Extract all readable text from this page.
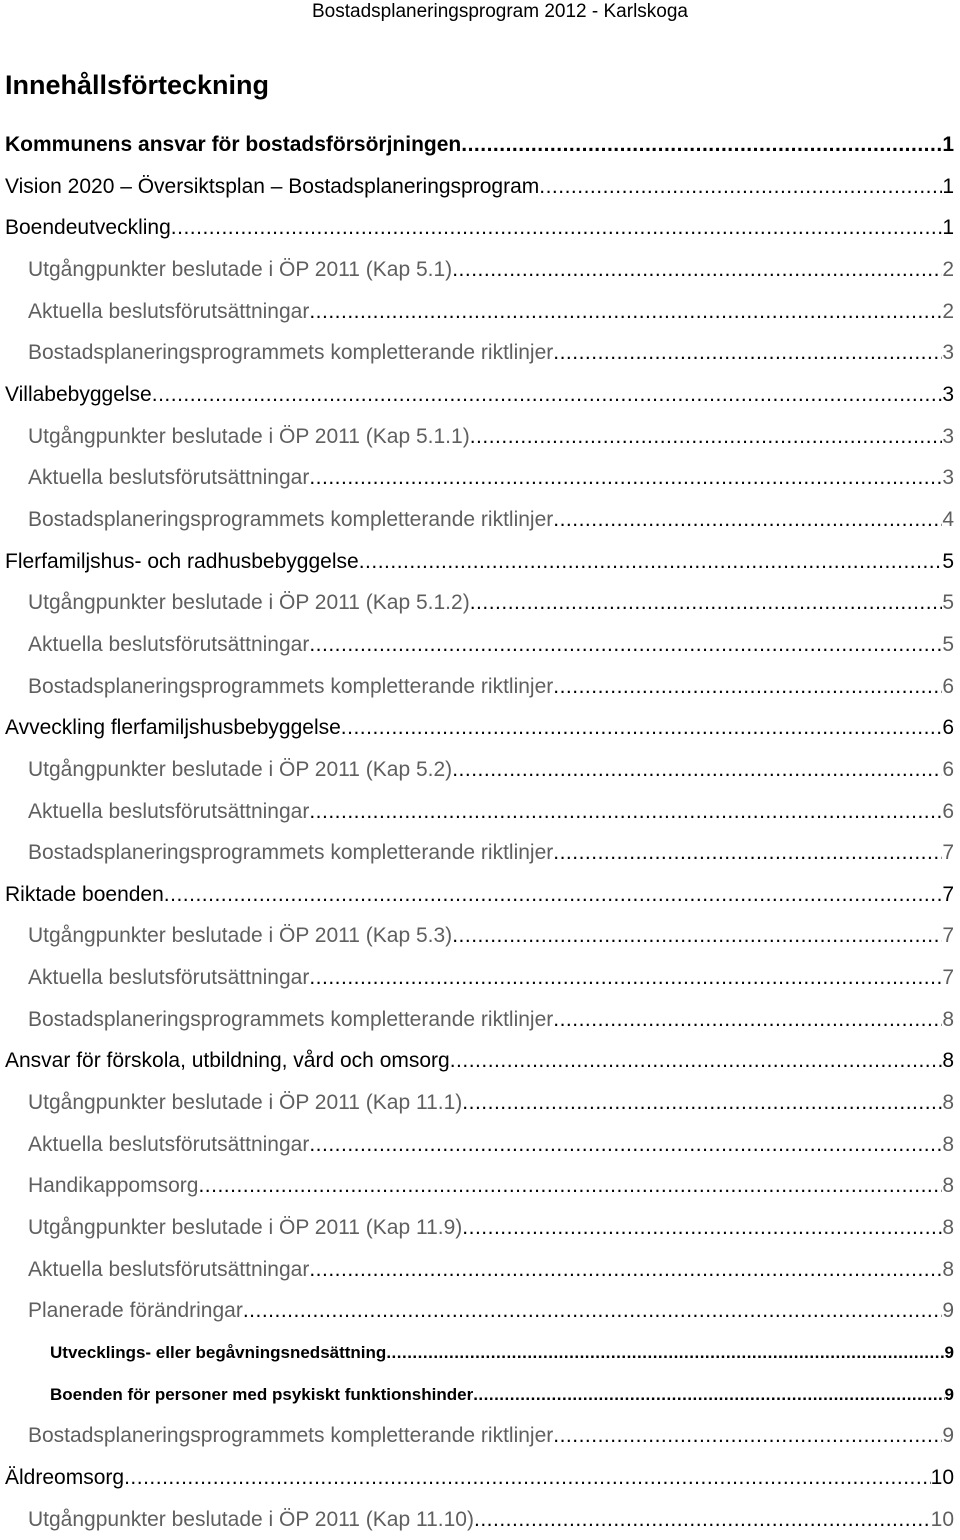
Bostadsplaneringsprogram 2012 - Karlskoga
Innehållsförteckning
Kommunens ansvar för bostadsförsörjningen .....	1
Vision 2020 – Översiktsplan – Bostadsplaneringsprogram .....	1
Boendeutveckling .....	1
Utgångpunkter beslutade i ÖP 2011 (Kap 5.1) .....	2
Aktuella beslutsförutsättningar .....	2
Bostadsplaneringsprogrammets kompletterande riktlinjer .....	3
Villabebyggelse .....	3
Utgångpunkter beslutade i ÖP 2011 (Kap 5.1.1) .....	3
Aktuella beslutsförutsättningar .....	3
Bostadsplaneringsprogrammets kompletterande riktlinjer .....	4
Flerfamiljshus- och radhusbebyggelse .....	5
Utgångpunkter beslutade i ÖP 2011 (Kap 5.1.2) .....	5
Aktuella beslutsförutsättningar .....	5
Bostadsplaneringsprogrammets kompletterande riktlinjer .....	6
Avveckling flerfamiljshusbebyggelse .....	6
Utgångpunkter beslutade i ÖP 2011 (Kap 5.2) .....	6
Aktuella beslutsförutsättningar .....	6
Bostadsplaneringsprogrammets kompletterande riktlinjer .....	7
Riktade boenden .....	7
Utgångpunkter beslutade i ÖP 2011 (Kap 5.3) .....	7
Aktuella beslutsförutsättningar .....	7
Bostadsplaneringsprogrammets kompletterande riktlinjer .....	8
Ansvar för förskola, utbildning, vård och omsorg .....	8
Utgångpunkter beslutade i ÖP 2011 (Kap 11.1) .....	8
Aktuella beslutsförutsättningar .....	8
Handikappomsorg .....	8
Utgångpunkter beslutade i ÖP 2011 (Kap 11.9) .....	8
Aktuella beslutsförutsättningar .....	8
Planerade förändringar .....	9
Utvecklings- eller begåvningsnedsättning .....	9
Boenden för personer med psykiskt funktionshinder .....	9
Bostadsplaneringsprogrammets kompletterande riktlinjer .....	9
Äldreomsorg .....	10
Utgångpunkter beslutade i ÖP 2011 (Kap 11.10) .....	10
